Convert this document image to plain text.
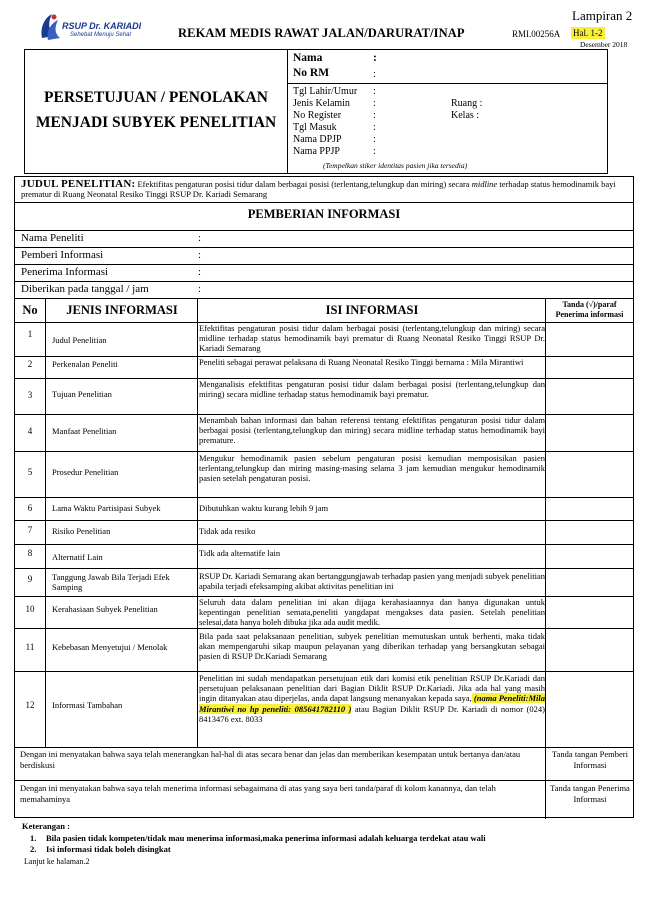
Lampiran 2
RSUP Dr. KARIADI
Sehebat Menuju Sehat	REKAM MEDIS RAWAT JALAN/DARURAT/INAP	RMI.00256A Hal. 1-2
Desember 2018
PERSETUJUAN / PENOLAKAN
MENJADI SUBYEK PENELITIAN
Nama	:
No RM	:
Tgl Lahir/Umur :
Jenis Kelamin :	Ruang :
No Register	:	Kelas :
Tgl Masuk	:
Nama DPJP	:
Nama PPJP	:
(Tempelkan stiker identitas pasien jika tersedia)
JUDUL PENELITIAN: Efektifitas pengaturan posisi tidur dalam berbagai posisi (terlentang,telungkup dan miring) secara midline terhadap status hemodinamik bayi prematur di Ruang Neonatal Resiko Tinggi RSUP Dr. Kariadi Semarang
PEMBERIAN INFORMASI
Nama Peneliti	:
Pemberi Informasi	:
Penerima Informasi	:
Diberikan pada tanggal / jam	:
No	JENIS INFORMASI	ISI INFORMASI	Tanda (√)/paraf
Penerima informasi
1
Judul Penelitian
Efektifitas pengaturan posisi tidur dalam berbagai posisi (terlentang,telungkup dan miring) secara midline terhadap status hemodinamik bayi prematur di Ruang Neonatal Resiko Tinggi RSUP Dr. Kariadi Semarang
2	Perkenalan Peneliti	Peneliti sebagai perawat pelaksana di Ruang Neonatal Resiko Tinggi bernama : Mila Mirantiwi
3	Tujuan Penelitian
Menganalisis efektifitas pengaturan posisi tidur dalam berbagai posisi (terlentang,telungkup dan miring) secara midline terhadap status hemodinamik bayi prematur.
4	Manfaat Penelitian
Menambah bahan informasi dan bahan referensi tentang efektifitas pengaturan posisi tidur dalam berbagai posisi (terlentang,telungkup dan miring) secara midline terhadap status hemodinamik bayi premature.
5	Prosedur Penelitian
Mengukur hemodinamik pasien sebelum pengaturan posisi kemudian memposisikan pasien terlentang,telungkup dan miring masing-masing selama 3 jam kemudian mengukur hemodinamik pasien setelah pengaturan posisi.
6	Lama Waktu Partisipasi Subyek	Dibutuhkan waktu kurang lebih 9 jam
7	Risiko Penelitian	Tidak ada resiko
8	Alternatif Lain	Tidk ada alternatife lain
9	Tanggung Jawab Bila Terjadi Efek Samping
RSUP Dr. Kariadi Semarang akan bertanggungjawab terhadap pasien yang menjadi subyek penelitian apabila terjadi efeksamping akibat aktivitas penelitian ini
10	Kerahasiaan Subyek Penelitian
Seluruh data dalam penelitian ini akan dijaga kerahasiaannya dan hanya digunakan untuk kepentingan penelitian semata,peneliti yangdapat mengakses data pasien. Setelah penelitian selesai,data hanya boleh dibuka jika ada audit medik.
11	Kebebasan Menyetujui / Menolak
Bila pada saat pelaksanaan penelitian, subyek penelitian memutuskan untuk berhenti, maka tidak akan mempengaruhi sikap maupun pelayanan yang diberikan terhadap yang bersangkutan sebagai pasien di RSUP Dr.Kariadi Semarang
12	Informasi Tambahan
Penelitian ini sudah mendapatkan persetujuan etik dari komisi etik penelitian RSUP Dr.Kariadi dan persetujuan pelaksanaan penelitian dari Bagian Diklit RSUP Dr.Kariadi. Jika ada hal yang masih ingin ditanyakan atau diperjelas, anda dapat langsung menanyakan kepada saya, (nama Peneliti:Mila Mirantiwi no hp peneliti: 085641782110 ) atau Bagian Diklit RSUP Dr. Kariadi di nomor (024) 8413476 ext. 8033
Dengan ini menyatakan bahwa saya telah menerangkan hal-hal di atas secara benar dan jelas dan memberikan kesempatan untuk bertanya dan/atau berdiskusi
Tanda tangan Pemberi Informasi
Dengan ini menyatakan bahwa saya telah menerima informasi sebagaimana di atas yang saya beri tanda/paraf di kolom kanannya, dan telah memahaminya
Tanda tangan Penerima Informasi
Keterangan :
1. Bila pasien tidak kompeten/tidak mau menerima informasi,maka penerima informasi adalah keluarga terdekat atau wali
2. Isi informasi tidak boleh disingkat
Lanjut ke halaman.2
